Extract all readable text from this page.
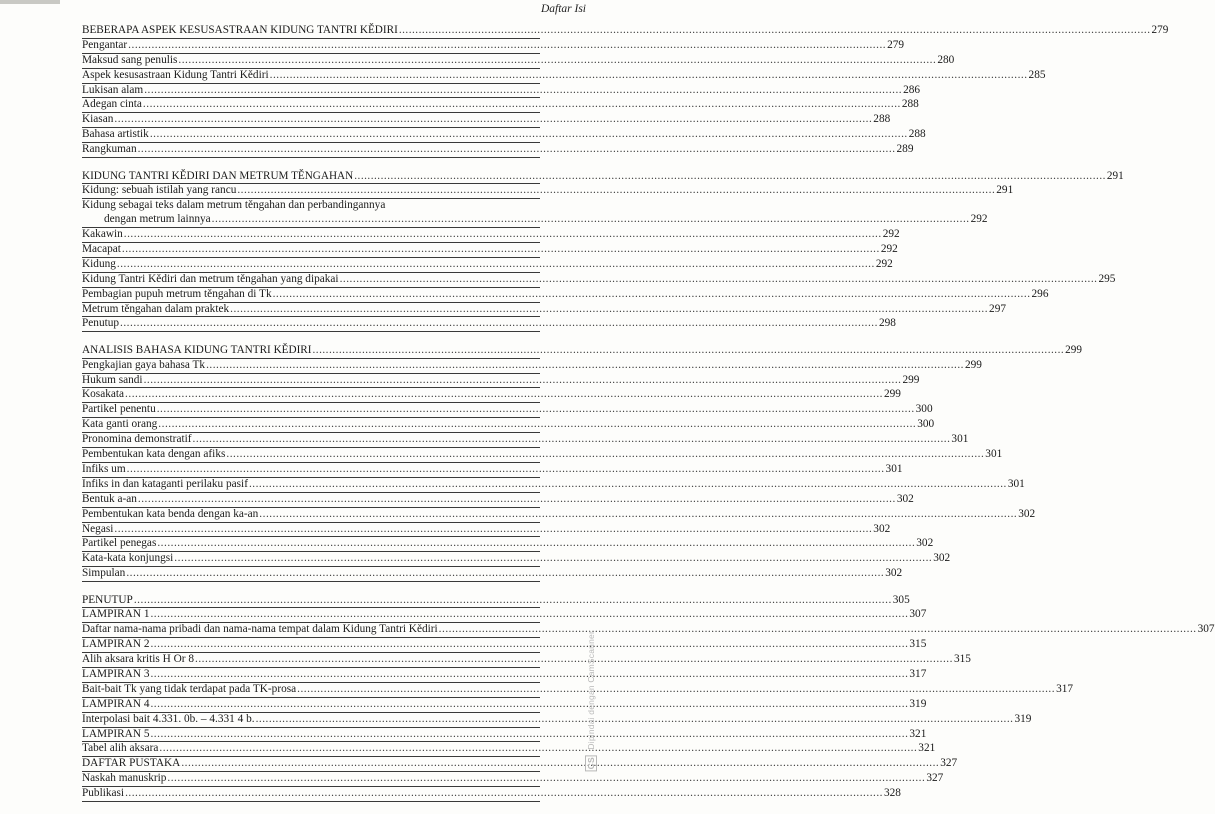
Daftar Isi
BEBERAPA ASPEK KESUSASTRAAN KIDUNG TANTRI KĚDIRI .....	279
Pengantar .....	279
Maksud sang penulis .....	280
Aspek kesusastraan Kidung Tantri Kědiri .....	285
Lukisan alam .....	286
Adegan cinta .....	288
Kiasan .....	288
Bahasa artistik .....	288
Rangkuman .....	289
KIDUNG TANTRI KĚDIRI DAN METRUM TĚNGAHAN .....	291
Kidung: sebuah istilah yang rancu .....	291
Kidung sebagai teks dalam metrum těngahan dan perbandingannya
dengan metrum lainnya .....	292
Kakawin .....	292
Macapat .....	292
Kidung .....	292
Kidung Tantri Kědiri dan metrum těngahan yang dipakai .....	295
Pembagian pupuh metrum těngahan di Tk .....	296
Metrum těngahan dalam praktek .....	297
Penutup .....	298
ANALISIS BAHASA KIDUNG TANTRI KĚDIRI .....	299
Pengkajian gaya bahasa Tk .....	299
Hukum sandi .....	299
Kosakata .....	299
Partikel penentu .....	300
Kata ganti orang .....	300
Pronomina demonstratif .....	301
Pembentukan kata dengan afiks .....	301
Infiks um .....	301
Infiks in dan kataganti perilaku pasif .....	301
Bentuk a-an .....	302
Pembentukan kata benda dengan ka-an .....	302
Negasi .....	302
Partikel penegas .....	302
Kata-kata konjungsi .....	302
Simpulan .....	302
PENUTUP .....	305
LAMPIRAN 1 .....	307
Daftar nama-nama pribadi dan nama-nama tempat dalam Kidung Tantri Kědiri .....	307
LAMPIRAN 2 .....	315
Alih aksara kritis H Or 8 .....	315
LAMPIRAN 3 .....	317
Bait-bait Tk yang tidak terdapat pada TK-prosa .....	317
LAMPIRAN 4 .....	319
Interpolasi bait 4.331. 0b. – 4.331 4 b. .....	319
LAMPIRAN 5 .....	321
Tabel alih aksara .....	321
DAFTAR PUSTAKA .....	327
Naskah manuskrip .....	327
Publikasi .....	328
CS Dipindai dengan CamScanner
